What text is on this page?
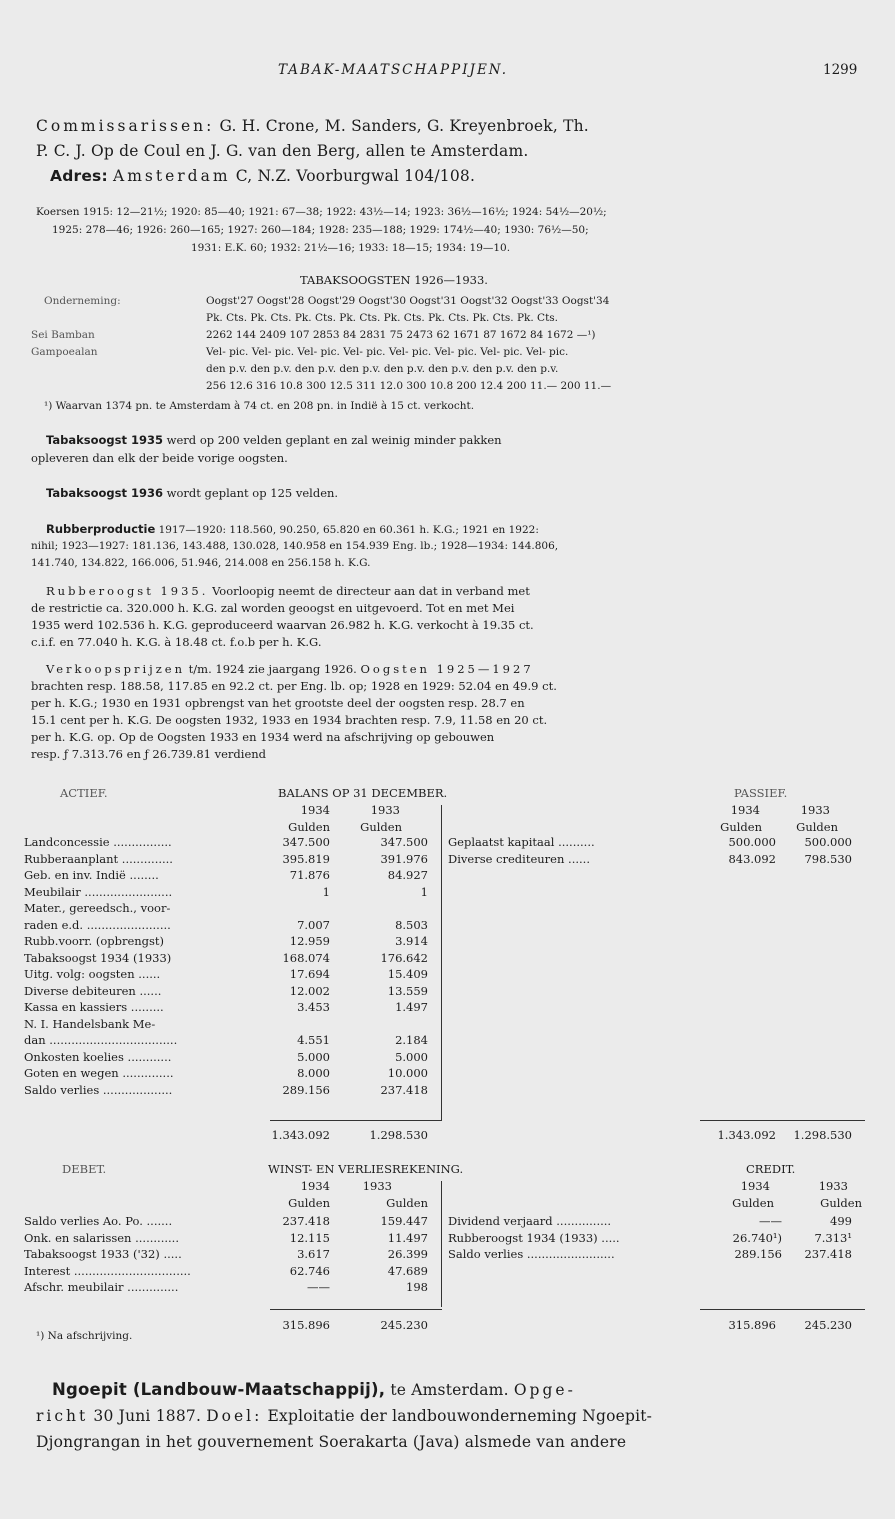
TABAK-MAATSCHAPPIJEN.	1299
Commissarissen: G. H. Crone, M. Sanders, G. Kreyenbroek, Th.
P. C. J. Op de Coul en J. G. van den Berg, allen te Amsterdam.
Adres: Amsterdam C, N.Z. Voorburgwal 104/108.
Koersen 1915: 12—21½; 1920: 85—40; 1921: 67—38; 1922: 43½—14; 1923: 36½—16½; 1924: 54½—20½;
1925: 278—46; 1926: 260—165; 1927: 260—184; 1928: 235—188; 1929: 174½—40; 1930: 76½—50;
1931: E.K. 60; 1932: 21½—16; 1933: 18—15; 1934: 19—10.
TABAKSOOGSTEN 1926—1933.
Onderneming:	Oogst'27 Oogst'28 Oogst'29 Oogst'30 Oogst'31 Oogst'32 Oogst'33 Oogst'34
Pk. Cts. Pk. Cts. Pk. Cts. Pk. Cts. Pk. Cts. Pk. Cts. Pk. Cts. Pk. Cts.
Sei Bamban	2262 144 2409 107 2853 84 2831 75 2473 62 1671 87 1672 84 1672 —¹)
Gampoealan	Vel- pic. Vel- pic. Vel- pic. Vel- pic. Vel- pic. Vel- pic. Vel- pic. Vel- pic.
den p.v. den p.v. den p.v. den p.v. den p.v. den p.v. den p.v. den p.v.
256 12.6 316 10.8 300 12.5 311 12.0 300 10.8 200 12.4 200 11.— 200 11.—
¹) Waarvan 1374 pn. te Amsterdam à 74 ct. en 208 pn. in Indië à 15 ct. verkocht.
Tabaksoogst 1935 werd op 200 velden geplant en zal weinig minder pakken
opleveren dan elk der beide vorige oogsten.
Tabaksoogst 1936 wordt geplant op 125 velden.
Rubberproductie 1917—1920: 118.560, 90.250, 65.820 en 60.361 h. K.G.; 1921 en 1922:
nihil; 1923—1927: 181.136, 143.488, 130.028, 140.958 en 154.939 Eng. lb.; 1928—1934: 144.806,
141.740, 134.822, 166.006, 51.946, 214.008 en 256.158 h. K.G.
Rubberoogst 1935. Voorloopig neemt de directeur aan dat in verband met
de restrictie ca. 320.000 h. K.G. zal worden geoogst en uitgevoerd. Tot en met Mei
1935 werd 102.536 h. K.G. geproduceerd waarvan 26.982 h. K.G. verkocht à 19.35 ct.
c.i.f. en 77.040 h. K.G. à 18.48 ct. f.o.b per h. K.G.
Verkoopsprijzen t/m. 1924 zie jaargang 1926. Oogsten 1925—1927
brachten resp. 188.58, 117.85 en 92.2 ct. per Eng. lb. op; 1928 en 1929: 52.04 en 49.9 ct.
per h. K.G.; 1930 en 1931 opbrengst van het grootste deel der oogsten resp. 28.7 en
15.1 cent per h. K.G. De oogsten 1932, 1933 en 1934 brachten resp. 7.9, 11.58 en 20 ct.
per h. K.G. op. Op de Oogsten 1933 en 1934 werd na afschrijving op gebouwen
resp. ƒ 7.313.76 en ƒ 26.739.81 verdiend
ACTIEF.	BALANS OP 31 DECEMBER.	PASSIEF.
1934	1933
Gulden	Gulden
1934	1933
Gulden	Gulden
Landconcessie ................	347.500	347.500
Rubberaanplant ..............	395.819	391.976
Geb. en inv. Indië ........	71.876	84.927
Meubilair ........................	1	1
Mater., gereedsch., voor-
raden e.d. .......................	7.007	8.503
Rubb.voorr. (opbrengst)	12.959	3.914
Tabaksoogst 1934 (1933)	168.074	176.642
Uitg. volg: oogsten ......	17.694	15.409
Diverse debiteuren ......	12.002	13.559
Kassa en kassiers .........	3.453	1.497
N. I. Handelsbank Me-
dan ...................................	4.551	2.184
Onkosten koelies ............	5.000	5.000
Goten en wegen ..............	8.000	10.000
Saldo verlies ...................	289.156	237.418
Geplaatst kapitaal ..........	500.000	500.000
Diverse crediteuren ......	843.092	798.530
1.343.092	1.298.530	1.343.092	1.298.530
DEBET.	WINST- EN VERLIESREKENING.	CREDIT.
1934	1933
Gulden	Gulden
1934	1933
Gulden	Gulden
Saldo verlies Ao. Po. .......	237.418	159.447
Onk. en salarissen ............	12.115	11.497
Tabaksoogst 1933 ('32) .....	3.617	26.399
Interest ................................	62.746	47.689
Afschr. meubilair ..............	——	198
Dividend verjaard ...............	——	499
Rubberoogst 1934 (1933) .....	26.740¹)	7.313¹
Saldo verlies ........................	289.156	237.418
315.896	245.230	315.896	245.230
¹) Na afschrijving.
Ngoepit (Landbouw-Maatschappij), te Amsterdam. Opge-
richt 30 Juni 1887. Doel: Exploitatie der landbouwonderneming Ngoepit-
Djongrangan in het gouvernement Soerakarta (Java) alsmede van andere
